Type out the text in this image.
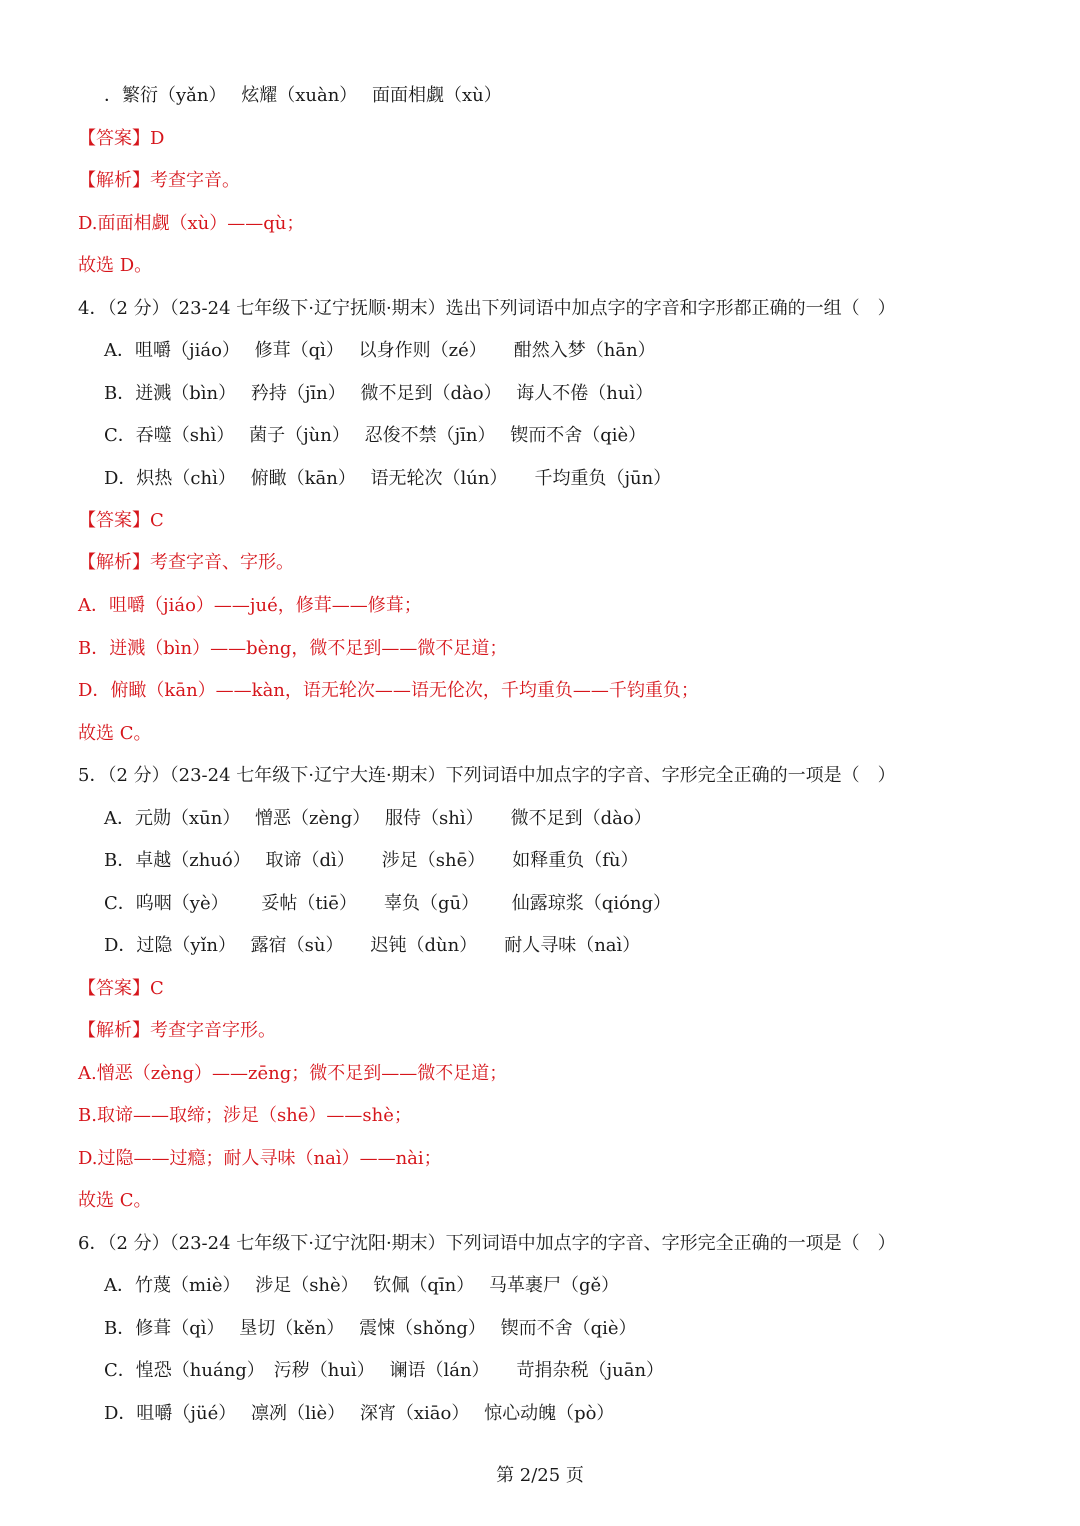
．繁衍（yǎn）　 炫耀（xuàn）　 面面相觑（xù）
【答案】D
【解析】考查字音。
D.面面相觑（xù）——qù；
故选 D。
4．（2 分）（23-24 七年级下·辽宁抚顺·期末）选出下列词语中加点字的字音和字形都正确的一组（　）
A．咀嚼（jiáo）　 修茸（qì）　 以身作则（zé）　　酣然入梦（hān）
B．迸溅（bìn）　 矜持（jīn）　 微不足到（dào）　 诲人不倦（huì）
C．吞噬（shì）　 菌子（jùn）　 忍俊不禁（jīn）　 锲而不舍（qiè）
D．炽热（chì）　 俯瞰（kān）　 语无轮次（lún）　　千均重负（jūn）
【答案】C
【解析】考查字音、字形。
A．咀嚼（jiáo）——jué，修茸——修葺；
B．迸溅（bìn）——bèng，微不足到——微不足道；
D．俯瞰（kān）——kàn，语无轮次——语无伦次，千均重负——千钧重负；
故选 C。
5．（2 分）（23-24 七年级下·辽宁大连·期末）下列词语中加点字的字音、字形完全正确的一项是（　）
A．元勋（xūn）　 憎恶（zèng）　 服侍（shì）　　微不足到（dào）
B．卓越（zhuó）　 取谛（dì）　　涉足（shē）　　如释重负（fù）
C．呜咽（yè）　　 妥帖（tiē）　　辜负（gū）　　 仙露琼浆（qióng）
D．过隐（yǐn）　 露宿（sù）　　迟钝（dùn）　　耐人寻味（naì）
【答案】C
【解析】考查字音字形。
A.憎恶（zèng）——zēng；微不足到——微不足道；
B.取谛——取缔；涉足（shē）——shè；
D.过隐——过瘾；耐人寻味（naì）——nài；
故选 C。
6．（2 分）（23-24 七年级下·辽宁沈阳·期末）下列词语中加点字的字音、字形完全正确的一项是（　）
A．竹蔑（miè）　 涉足（shè）　 钦佩（qīn）　 马革裹尸（gě）
B．修葺（qì）　 垦切（kěn）　 震悚（shǒng）　 锲而不舍（qiè）
C．惶恐（huáng）　污秽（huì）　 谰语（lán）　　苛捐杂税（juān）
D．咀嚼（jüé）　 凛冽（liè）　 深宵（xiāo）　 惊心动魄（pò）
第 2/25 页
